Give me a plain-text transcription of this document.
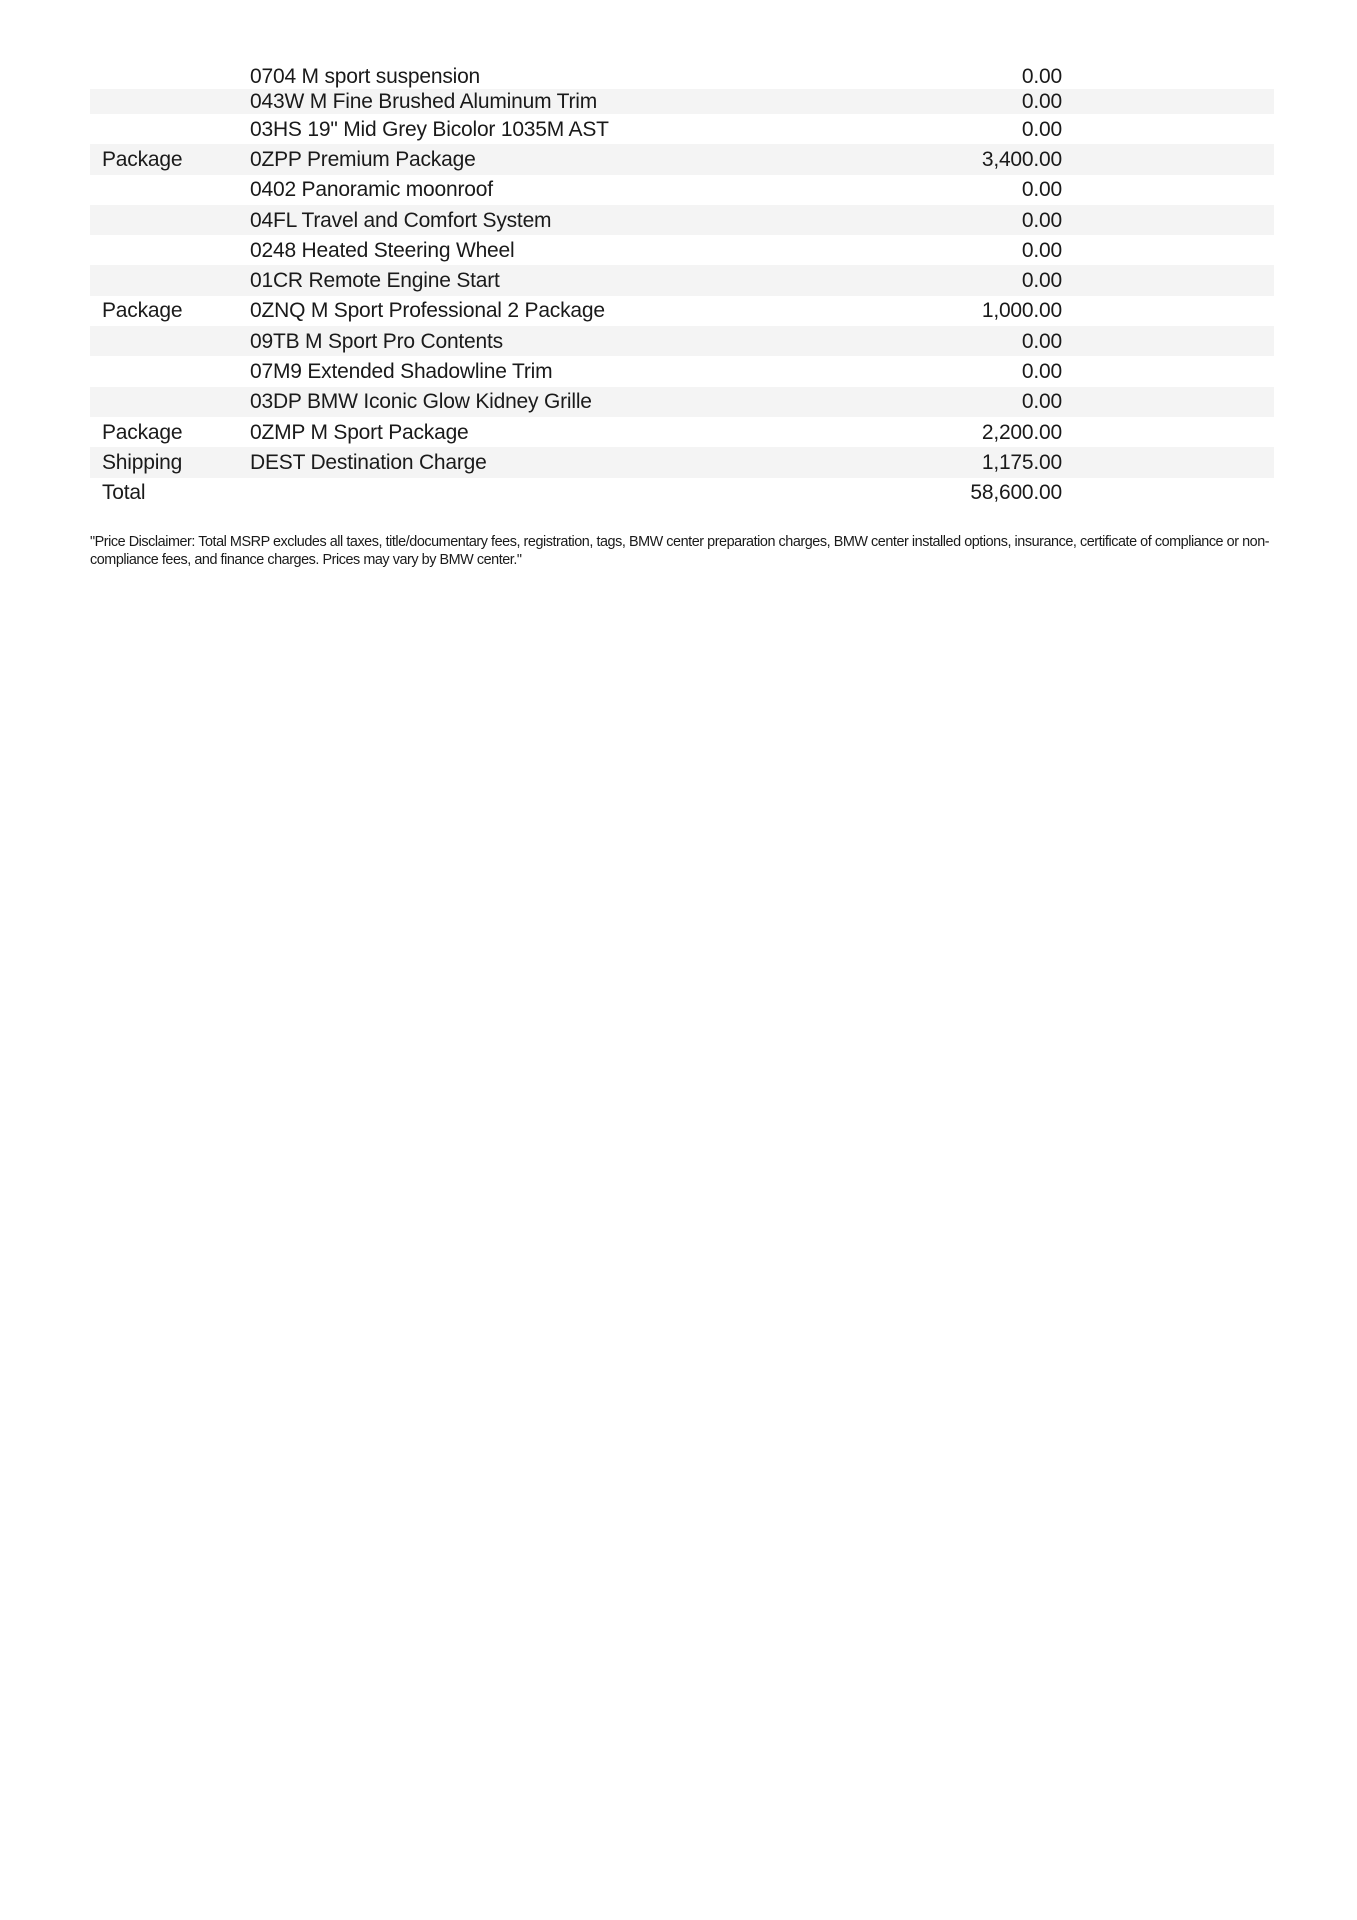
	0704 M sport suspension	0.00	
	043W M Fine Brushed Aluminum Trim	0.00	
	03HS 19" Mid Grey Bicolor 1035M AST	0.00	
Package	0ZPP Premium Package	3,400.00	
	0402 Panoramic moonroof	0.00	
	04FL Travel and Comfort System	0.00	
	0248 Heated Steering Wheel	0.00	
	01CR Remote Engine Start	0.00	
Package	0ZNQ M Sport Professional 2 Package	1,000.00	
	09TB M Sport Pro Contents	0.00	
	07M9 Extended Shadowline Trim	0.00	
	03DP BMW Iconic Glow Kidney Grille	0.00	
Package	0ZMP M Sport Package	2,200.00	
Shipping	DEST Destination Charge	1,175.00	
Total		58,600.00	
"Price Disclaimer: Total MSRP excludes all taxes, title/documentary fees, registration, tags, BMW center preparation charges, BMW center installed options, insurance, certificate of compliance or non-compliance fees, and finance charges. Prices may vary by BMW center."
